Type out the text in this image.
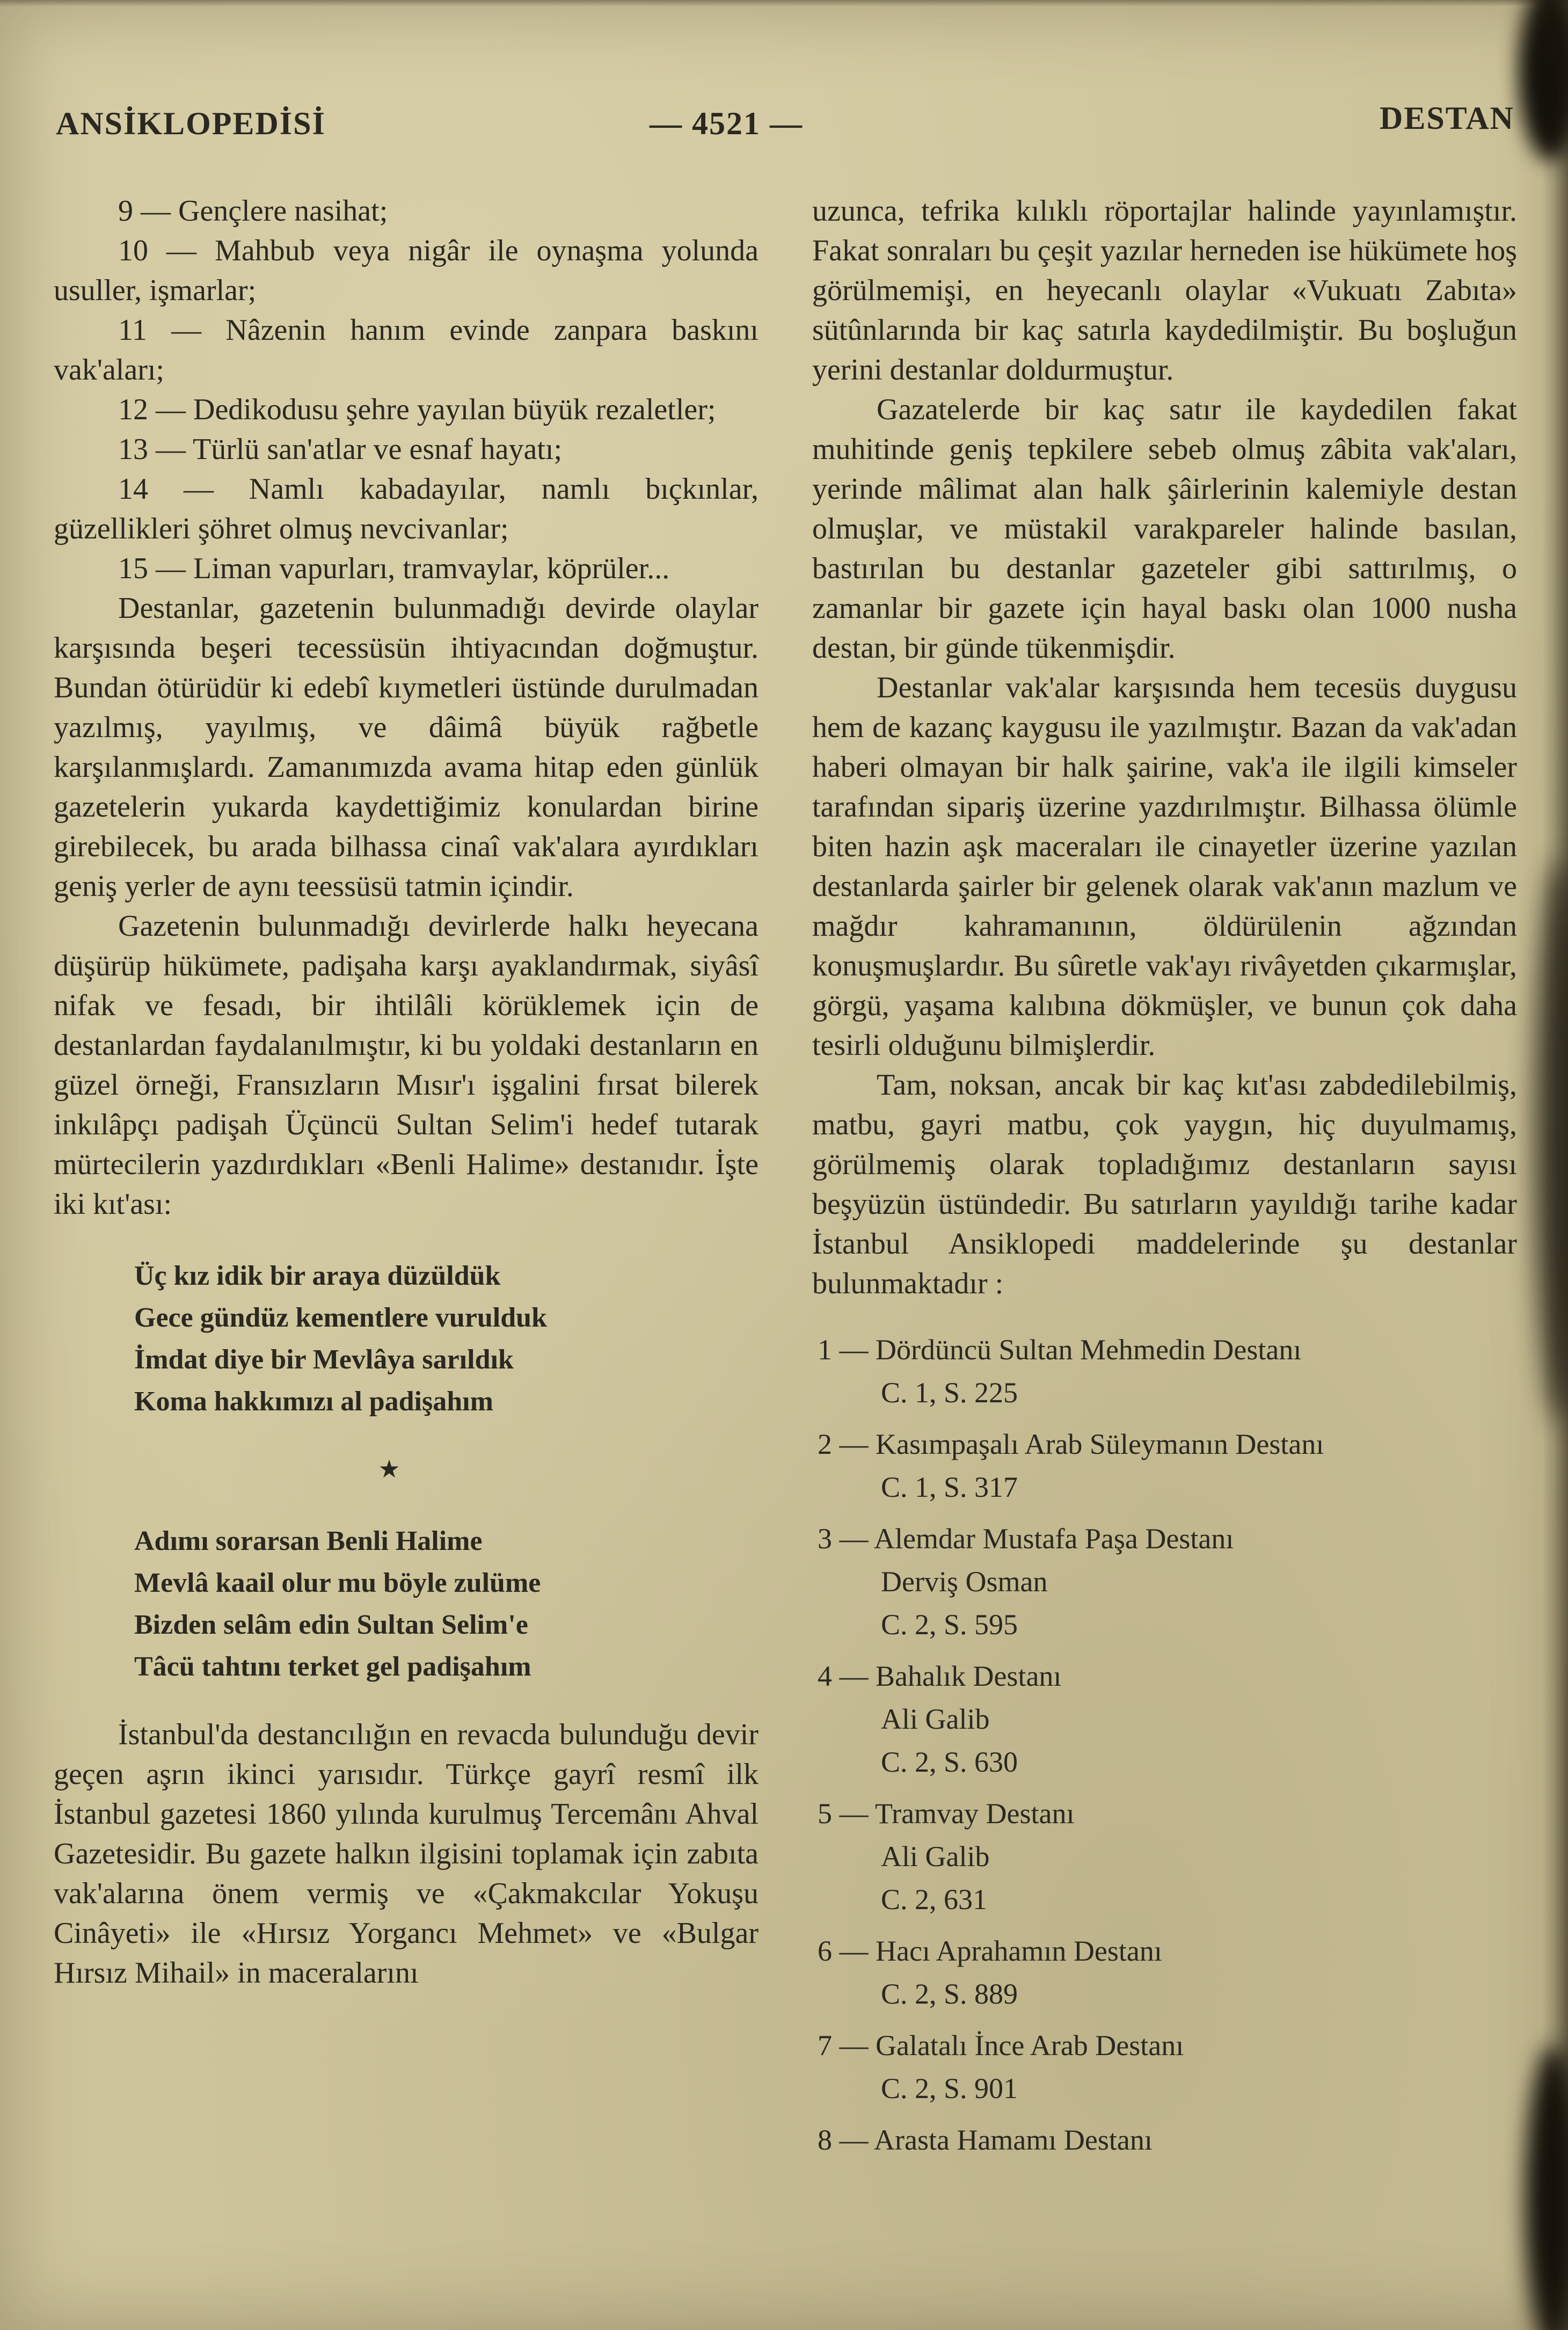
ANSİKLOPEDİSİ	— 4521 —	DESTAN

9 — Gençlere nasihat;

10 — Mahbub veya nigâr ile oynaşma yolunda usuller, işmarlar;

11 — Nâzenin hanım evinde zanpara baskını vak'aları;

12 — Dedikodusu şehre yayılan büyük rezaletler;

13 — Türlü san'atlar ve esnaf hayatı;

14 — Namlı kabadayılar, namlı bıçkınlar, güzellikleri şöhret olmuş nevcivanlar;

15 — Liman vapurları, tramvaylar, köprüler...

Destanlar, gazetenin bulunmadığı devirde olaylar karşısında beşeri tecessüsün ihtiyacından doğmuştur. Bundan ötürüdür ki edebî kıymetleri üstünde durulmadan yazılmış, yayılmış, ve dâimâ büyük rağbetle karşılanmışlardı. Zamanımızda avama hitap eden günlük gazetelerin yukarda kaydettiğimiz konulardan birine girebilecek, bu arada bilhassa cinaî vak'alara ayırdıkları geniş yerler de aynı teessüsü tatmin içindir.

Gazetenin bulunmadığı devirlerde halkı heyecana düşürüp hükümete, padişaha karşı ayaklandırmak, siyâsî nifak ve fesadı, bir ihtilâli körüklemek için de destanlardan faydalanılmıştır, ki bu yoldaki destanların en güzel örneği, Fransızların Mısır'ı işgalini fırsat bilerek inkılâpçı padişah Üçüncü Sultan Selim'i hedef tutarak mürtecilerin yazdırdıkları «Benli Halime» destanıdır. İşte iki kıt'ası:

Üç kız idik bir araya düzüldük
Gece gündüz kementlere vurulduk
İmdat diye bir Mevlâya sarıldık
Koma hakkımızı al padişahım
★
Adımı sorarsan Benli Halime
Mevlâ kaail olur mu böyle zulüme
Bizden selâm edin Sultan Selim'e
Tâcü tahtını terket gel padişahım

İstanbul'da destancılığın en revacda bulunduğu devir geçen aşrın ikinci yarısıdır. Türkçe gayrî resmî ilk İstanbul gazetesi 1860 yılında kurulmuş Tercemânı Ahval Gazetesidir. Bu gazete halkın ilgisini toplamak için zabıta vak'alarına önem vermiş ve «Çakmakcılar Yokuşu Cinâyeti» ile «Hırsız Yorgancı Mehmet» ve «Bulgar Hırsız Mihail» in maceralarını

uzunca, tefrika kılıklı röportajlar halinde yayınlamıştır. Fakat sonraları bu çeşit yazılar herneden ise hükümete hoş görülmemişi, en heyecanlı olaylar «Vukuatı Zabıta» sütûnlarında bir kaç satırla kaydedilmiştir. Bu boşluğun yerini destanlar doldurmuştur.

Gazatelerde bir kaç satır ile kaydedilen fakat muhitinde geniş tepkilere sebeb olmuş zâbita vak'aları, yerinde mâlimat alan halk şâirlerinin kalemiyle destan olmuşlar, ve müstakil varakpareler halinde basılan, bastırılan bu destanlar gazeteler gibi sattırılmış, o zamanlar bir gazete için hayal baskı olan 1000 nusha destan, bir günde tükenmişdir.

Destanlar vak'alar karşısında hem tecesüs duygusu hem de kazanç kaygusu ile yazılmıştır. Bazan da vak'adan haberi olmayan bir halk şairine, vak'a ile ilgili kimseler tarafından sipariş üzerine yazdırılmıştır. Bilhassa ölümle biten hazin aşk maceraları ile cinayetler üzerine yazılan destanlarda şairler bir gelenek olarak vak'anın mazlum ve mağdır kahramanının, öldürülenin ağzından konuşmuşlardır. Bu sûretle vak'ayı rivâyetden çıkarmışlar, görgü, yaşama kalıbına dökmüşler, ve bunun çok daha tesirli olduğunu bilmişlerdir.

Tam, noksan, ancak bir kaç kıt'ası zabdedilebilmiş, matbu, gayri matbu, çok yaygın, hiç duyulmamış, görülmemiş olarak topladığımız destanların sayısı beşyüzün üstündedir. Bu satırların yayıldığı tarihe kadar İstanbul Ansiklopedi maddelerinde şu destanlar bulunmaktadır :

1 — Dördüncü Sultan Mehmedin Destanı
C. 1, S. 225
2 — Kasımpaşalı Arab Süleymanın Destanı
C. 1, S. 317
3 — Alemdar Mustafa Paşa Destanı
Derviş Osman
C. 2, S. 595
4 — Bahalık Destanı
Ali Galib
C. 2, S. 630
5 — Tramvay Destanı
Ali Galib
C. 2, 631
6 — Hacı Aprahamın Destanı
C. 2, S. 889
7 — Galatalı İnce Arab Destanı
C. 2, S. 901
8 — Arasta Hamamı Destanı
